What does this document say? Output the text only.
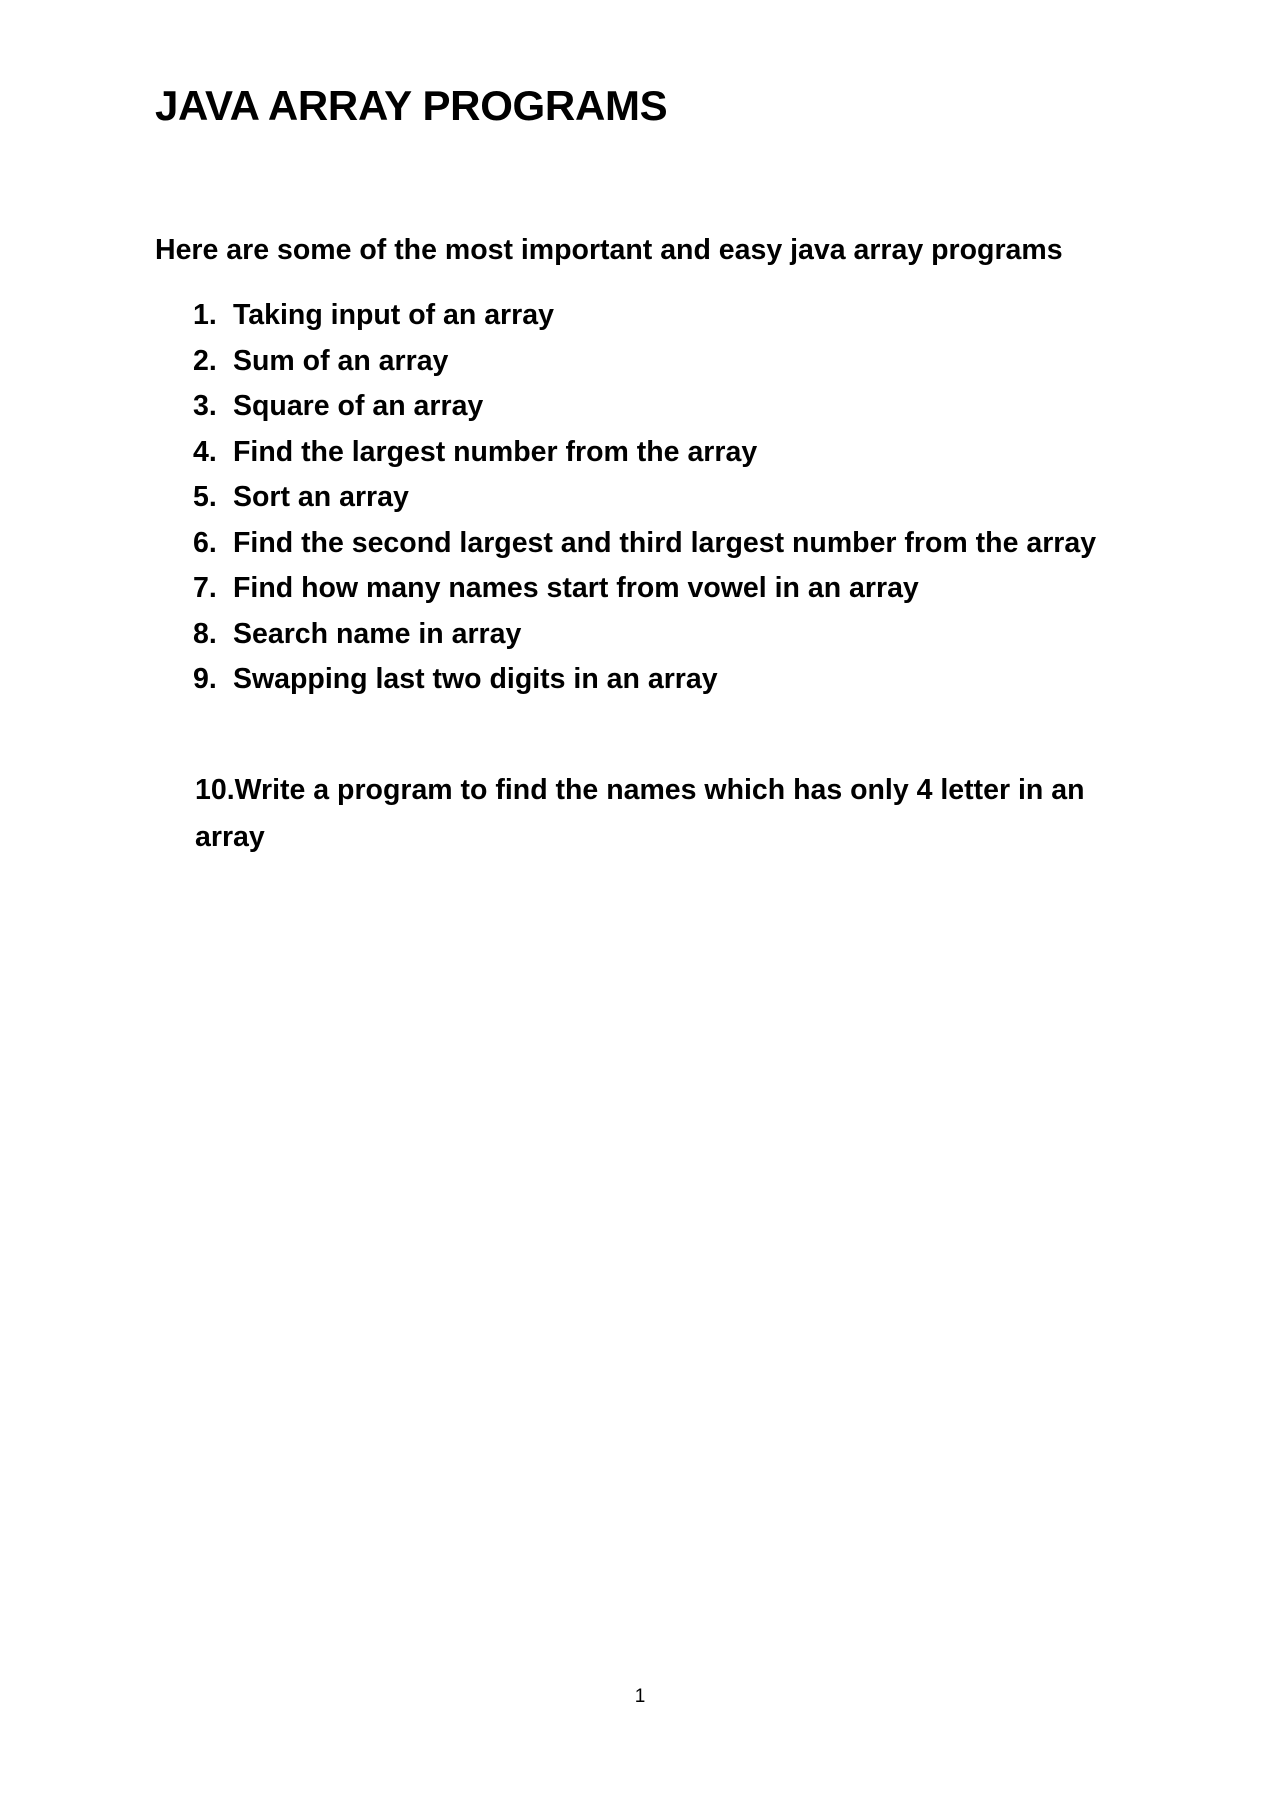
JAVA ARRAY PROGRAMS

Here are some of the most important and easy java array programs

1. Taking input of an array
2. Sum of an array
3. Square of an array
4. Find the largest number from the array
5. Sort an array
6. Find the second largest and third largest number from the array
7. Find how many names start from vowel in an array
8. Search name in array
9. Swapping last two digits in an array

10.Write a program to find the names which has only 4 letter in an array

1
